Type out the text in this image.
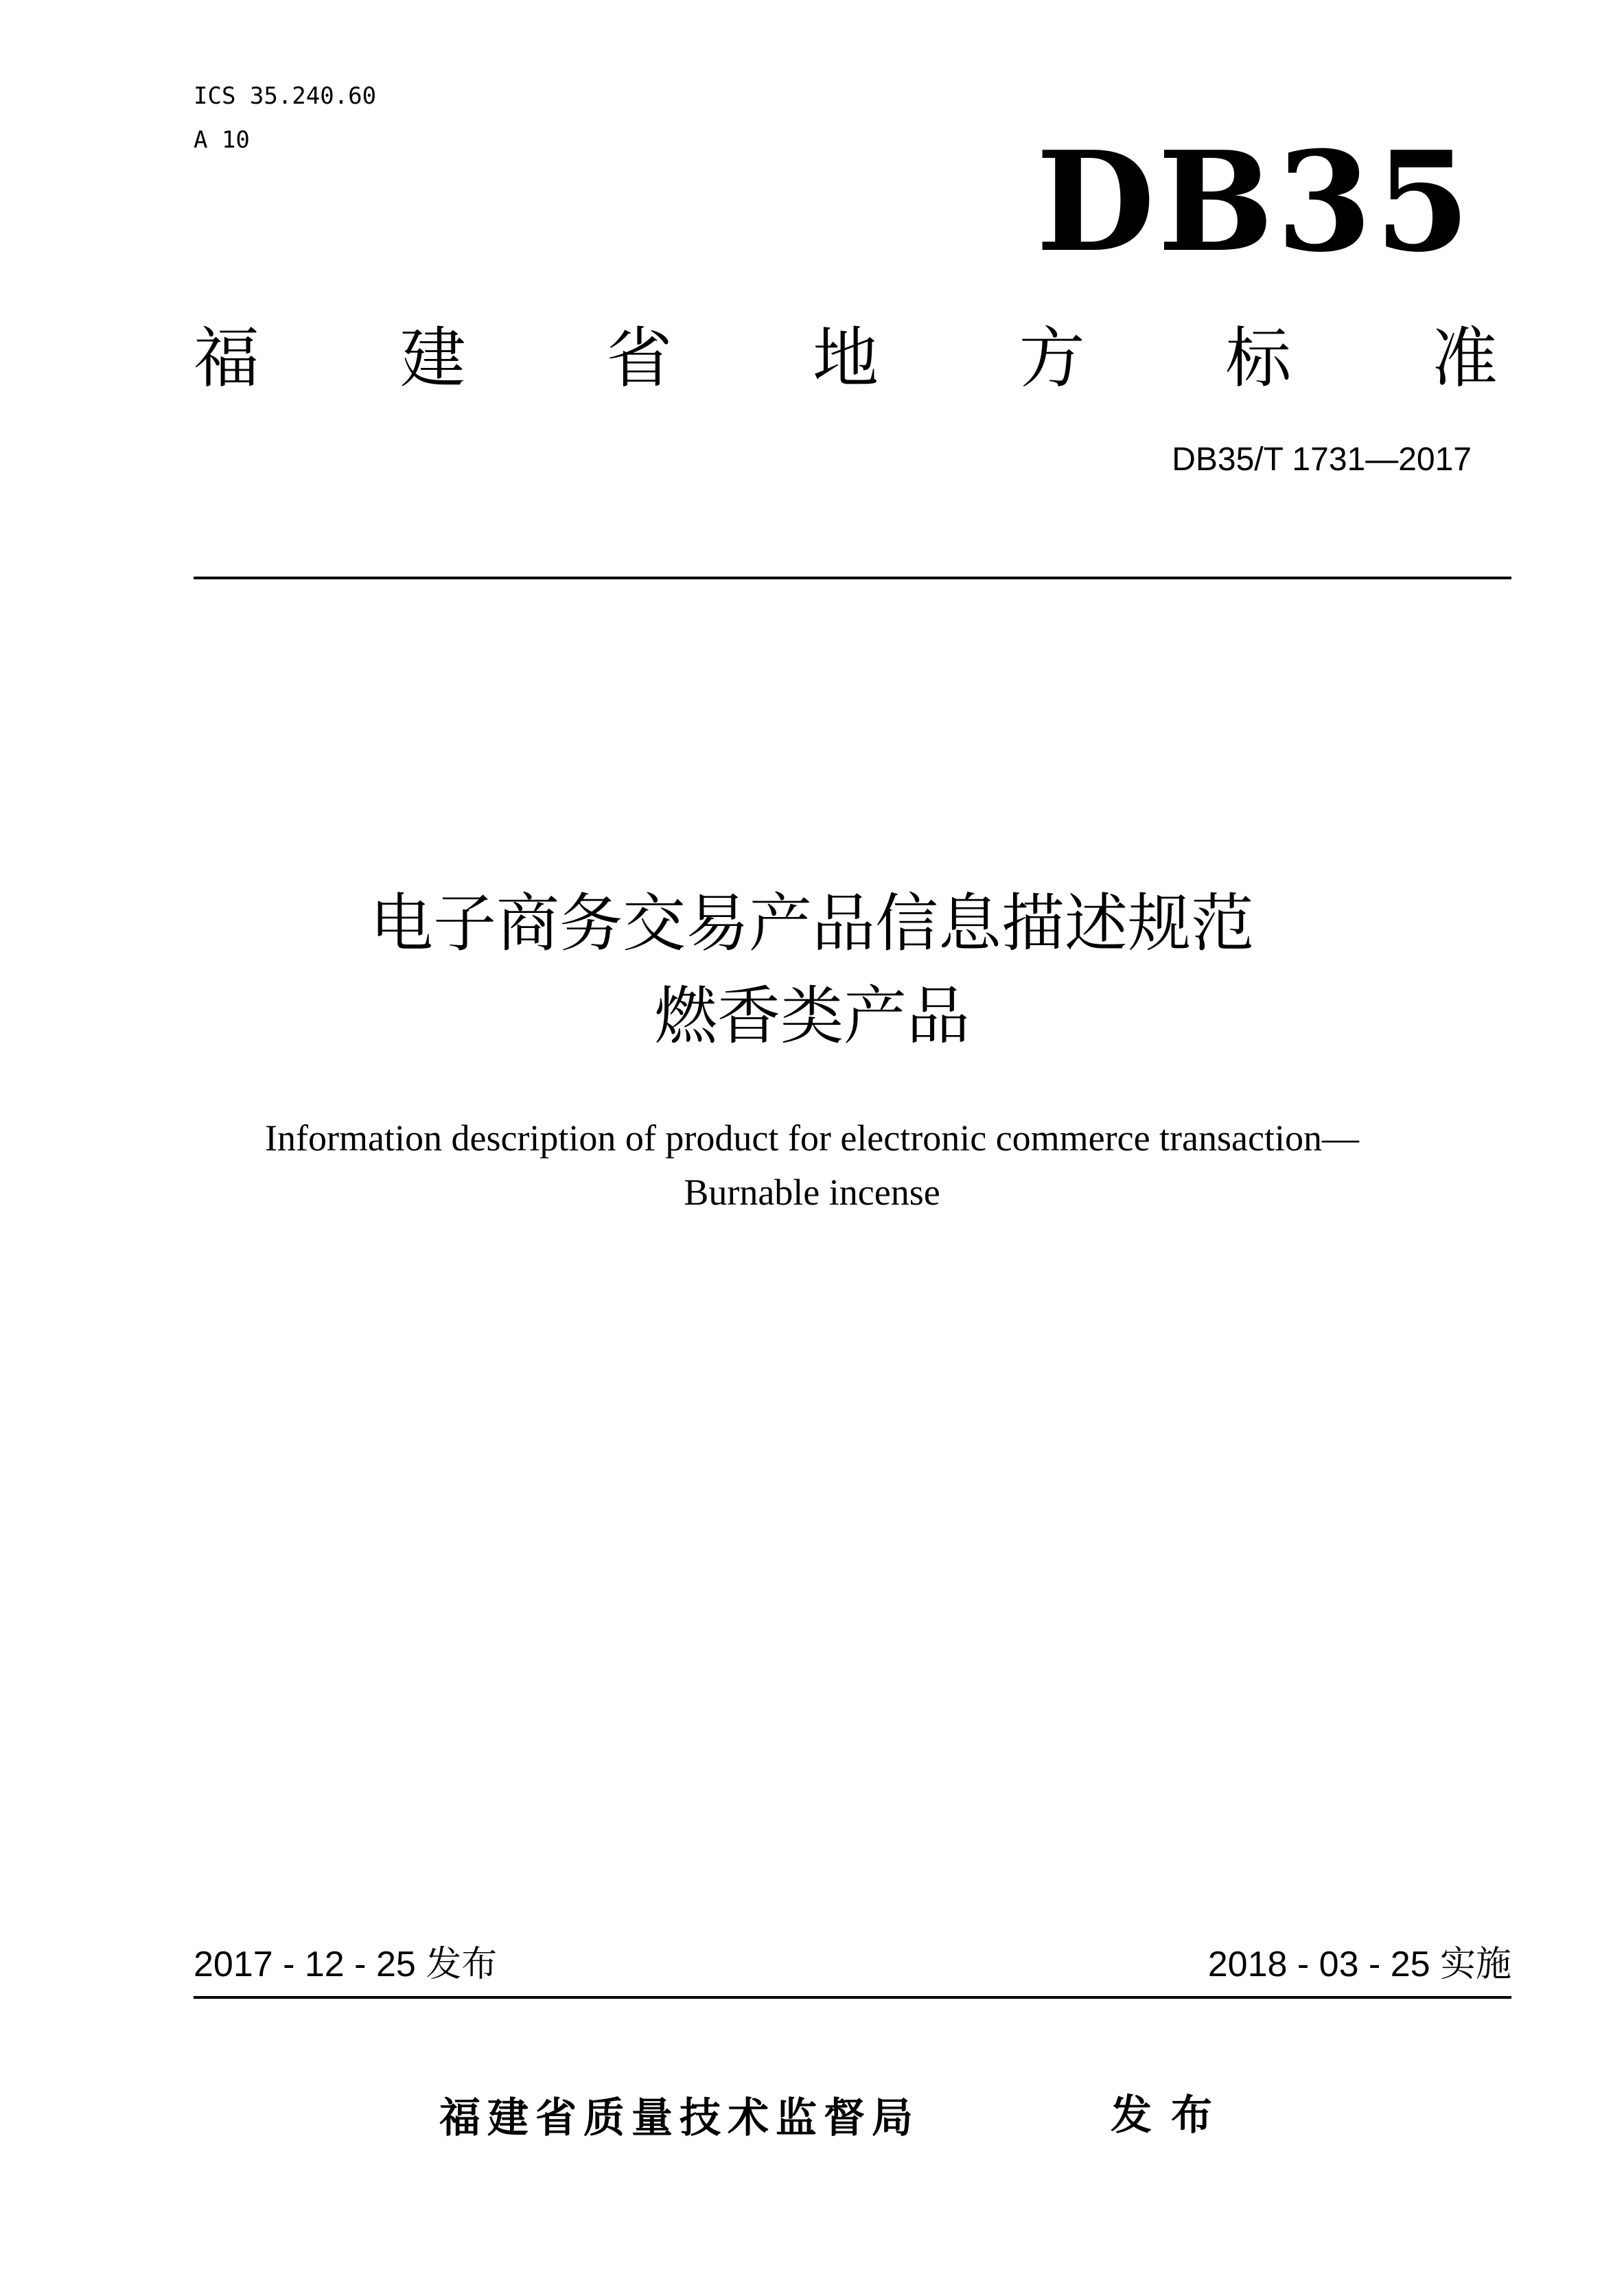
ICS 35.240.60
A 10	DB35
福 建 省 地 方 标 准
DB35/T 1731—2017
电子商务交易产品信息描述规范
燃香类产品
Information description of product for electronic commerce transaction—
Burnable incense
2017 - 12 - 25 发布	2018 - 03 - 25 实施
福建省质量技术监督局	发布
